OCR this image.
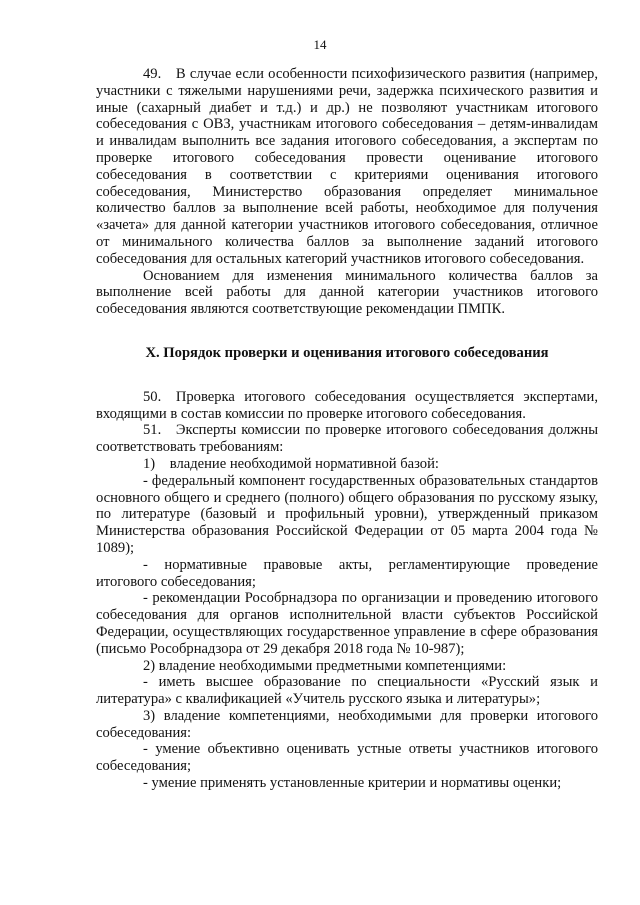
14

49. В случае если особенности психофизического развития (например, участники с тяжелыми нарушениями речи, задержка психического развития и иные (сахарный диабет и т.д.) и др.) не позволяют участникам итогового собеседования с ОВЗ, участникам итогового собеседования – детям-инвалидам и инвалидам выполнить все задания итогового собеседования, а экспертам по проверке итогового собеседования провести оценивание итогового собеседования в соответствии с критериями оценивания итогового собеседования, Министерство образования определяет минимальное количество баллов за выполнение всей работы, необходимое для получения «зачета» для данной категории участников итогового собеседования, отличное от минимального количества баллов за выполнение заданий итогового собеседования для остальных категорий участников итогового собеседования.

Основанием для изменения минимального количества баллов за выполнение всей работы для данной категории участников итогового собеседования являются соответствующие рекомендации ПМПК.

X. Порядок проверки и оценивания итогового собеседования

50. Проверка итогового собеседования осуществляется экспертами, входящими в состав комиссии по проверке итогового собеседования.

51. Эксперты комиссии по проверке итогового собеседования должны соответствовать требованиям:

1) владение необходимой нормативной базой:

- федеральный компонент государственных образовательных стандартов основного общего и среднего (полного) общего образования по русскому языку, по литературе (базовый и профильный уровни), утвержденный приказом Министерства образования Российской Федерации от 05 марта 2004 года № 1089);

- нормативные правовые акты, регламентирующие проведение итогового собеседования;

- рекомендации Рособрнадзора по организации и проведению итогового собеседования для органов исполнительной власти субъектов Российской Федерации, осуществляющих государственное управление в сфере образования (письмо Рособрнадзора от 29 декабря 2018 года № 10-987);

2) владение необходимыми предметными компетенциями:

- иметь высшее образование по специальности «Русский язык и литература» с квалификацией «Учитель русского языка и литературы»;

3) владение компетенциями, необходимыми для проверки итогового собеседования:

- умение объективно оценивать устные ответы участников итогового собеседования;

- умение применять установленные критерии и нормативы оценки;
